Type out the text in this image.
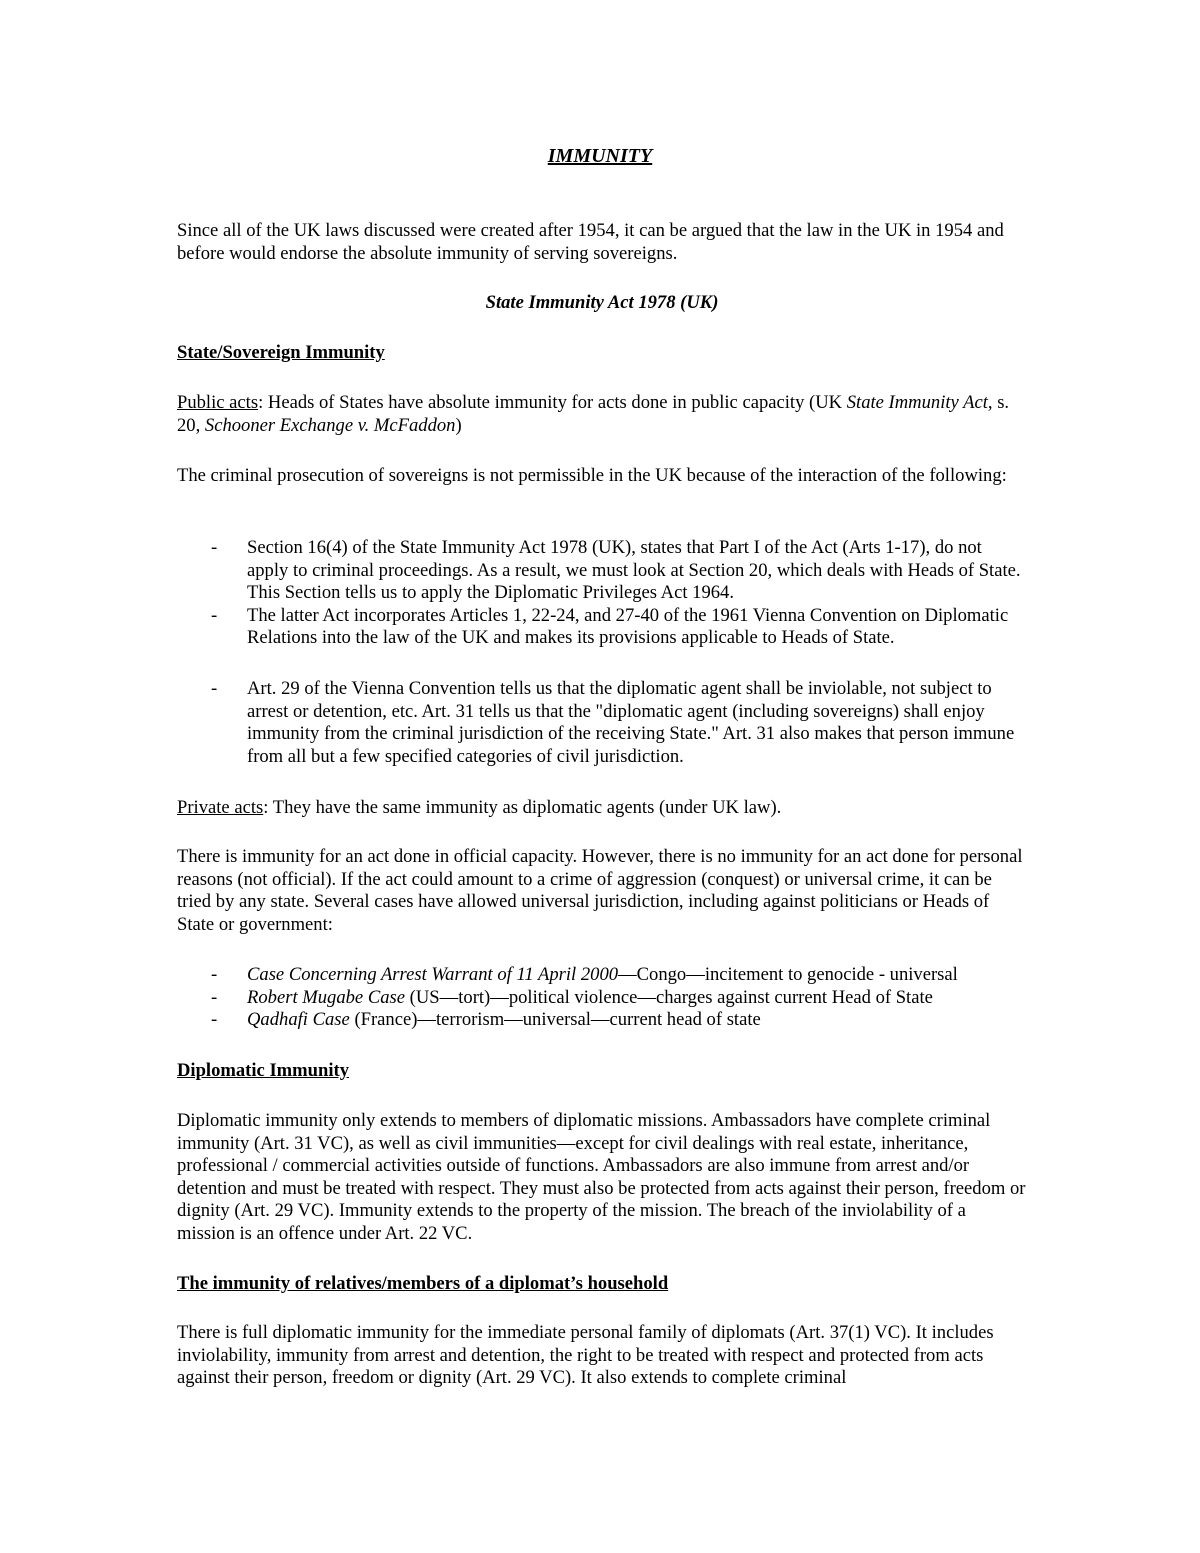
IMMUNITY

Since all of the UK laws discussed were created after 1954, it can be argued that the law in the UK in 1954 and before would endorse the absolute immunity of serving sovereigns.

State Immunity Act 1978 (UK)

State/Sovereign Immunity

Public acts: Heads of States have absolute immunity for acts done in public capacity (UK State Immunity Act, s. 20, Schooner Exchange v. McFaddon)

The criminal prosecution of sovereigns is not permissible in the UK because of the interaction of the following:

- Section 16(4) of the State Immunity Act 1978 (UK), states that Part I of the Act (Arts 1-17), do not apply to criminal proceedings. As a result, we must look at Section 20, which deals with Heads of State. This Section tells us to apply the Diplomatic Privileges Act 1964.
- The latter Act incorporates Articles 1, 22-24, and 27-40 of the 1961 Vienna Convention on Diplomatic Relations into the law of the UK and makes its provisions applicable to Heads of State.
- Art. 29 of the Vienna Convention tells us that the diplomatic agent shall be inviolable, not subject to arrest or detention, etc. Art. 31 tells us that the "diplomatic agent (including sovereigns) shall enjoy immunity from the criminal jurisdiction of the receiving State." Art. 31 also makes that person immune from all but a few specified categories of civil jurisdiction.

Private acts: They have the same immunity as diplomatic agents (under UK law).

There is immunity for an act done in official capacity. However, there is no immunity for an act done for personal reasons (not official). If the act could amount to a crime of aggression (conquest) or universal crime, it can be tried by any state. Several cases have allowed universal jurisdiction, including against politicians or Heads of State or government:

- Case Concerning Arrest Warrant of 11 April 2000—Congo—incitement to genocide - universal
- Robert Mugabe Case (US—tort)—political violence—charges against current Head of State
- Qadhafi Case (France)—terrorism—universal—current head of state

Diplomatic Immunity

Diplomatic immunity only extends to members of diplomatic missions. Ambassadors have complete criminal immunity (Art. 31 VC), as well as civil immunities—except for civil dealings with real estate, inheritance, professional / commercial activities outside of functions. Ambassadors are also immune from arrest and/or detention and must be treated with respect. They must also be protected from acts against their person, freedom or dignity (Art. 29 VC). Immunity extends to the property of the mission. The breach of the inviolability of a mission is an offence under Art. 22 VC.

The immunity of relatives/members of a diplomat’s household

There is full diplomatic immunity for the immediate personal family of diplomats (Art. 37(1) VC). It includes inviolability, immunity from arrest and detention, the right to be treated with respect and protected from acts against their person, freedom or dignity (Art. 29 VC). It also extends to complete criminal
